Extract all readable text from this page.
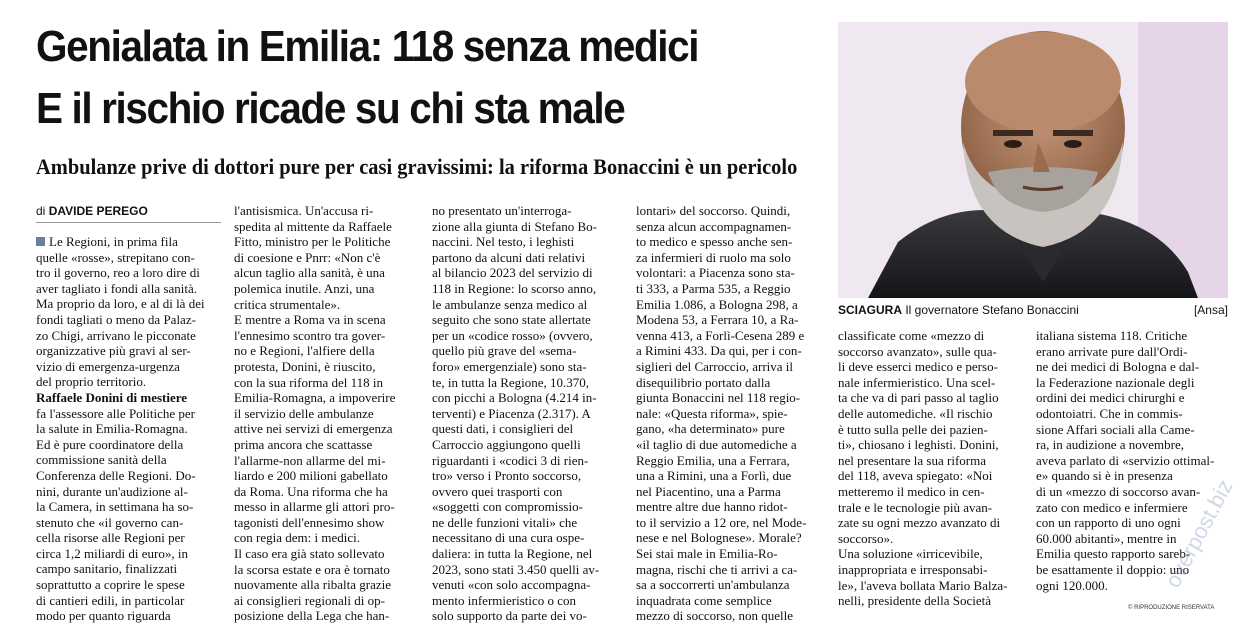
Genialata in Emilia: 118 senza medici
E il rischio ricade su chi sta male
Ambulanze prive di dottori pure per casi gravissimi: la riforma Bonaccini è un pericolo
SCIAGURA Il governatore Stefano Bonaccini	[Ansa]
di DAVIDE PEREGO

Le Regioni, in prima fila

quelle «rosse», strepitano con-

tro il governo, reo a loro dire di

aver tagliato i fondi alla sanità.

Ma proprio da loro, e al di là dei

fondi tagliati o meno da Palaz-

zo Chigi, arrivano le picconate

organizzative più gravi al ser-

vizio di emergenza-urgenza

del proprio territorio.

Raffaele Donini di mestiere

fa l'assessore alle Politiche per

la salute in Emilia-Romagna.

Ed è pure coordinatore della

commissione sanità della

Conferenza delle Regioni. Do-

nini, durante un'audizione al-

la Camera, in settimana ha so-

stenuto che «il governo can-

cella risorse alle Regioni per

circa 1,2 miliardi di euro», in

campo sanitario, finalizzati

soprattutto a coprire le spese

di cantieri edili, in particolar

modo per quanto riguarda

l'antisismica. Un'accusa ri-

spedita al mittente da Raffaele

Fitto, ministro per le Politiche

di coesione e Pnrr: «Non c'è

alcun taglio alla sanità, è una

polemica inutile. Anzi, una

critica strumentale».

E mentre a Roma va in scena

l'ennesimo scontro tra gover-

no e Regioni, l'alfiere della

protesta, Donini, è riuscito,

con la sua riforma del 118 in

Emilia-Romagna, a impoverire

il servizio delle ambulanze

attive nei servizi di emergenza

prima ancora che scattasse

l'allarme-non allarme del mi-

liardo e 200 milioni gabellato

da Roma. Una riforma che ha

messo in allarme gli attori pro-

tagonisti dell'ennesimo show

con regia dem: i medici.

Il caso era già stato sollevato

la scorsa estate e ora è tornato

nuovamente alla ribalta grazie

ai consiglieri regionali di op-

posizione della Lega che han-

no presentato un'interroga-

zione alla giunta di Stefano Bo-

naccini. Nel testo, i leghisti

partono da alcuni dati relativi

al bilancio 2023 del servizio di

118 in Regione: lo scorso anno,

le ambulanze senza medico al

seguito che sono state allertate

per un «codice rosso» (ovvero,

quello più grave del «sema-

foro» emergenziale) sono sta-

te, in tutta la Regione, 10.370,

con picchi a Bologna (4.214 in-

terventi) e Piacenza (2.317). A

questi dati, i consiglieri del

Carroccio aggiungono quelli

riguardanti i «codici 3 di rien-

tro» verso i Pronto soccorso,

ovvero quei trasporti con

«soggetti con compromissio-

ne delle funzioni vitali» che

necessitano di una cura ospe-

daliera: in tutta la Regione, nel

2023, sono stati 3.450 quelli av-

venuti «con solo accompagna-

mento infermieristico o con

solo supporto da parte dei vo-

lontari» del soccorso. Quindi,

senza alcun accompagnamen-

to medico e spesso anche sen-

za infermieri di ruolo ma solo

volontari: a Piacenza sono sta-

ti 333, a Parma 535, a Reggio

Emilia 1.086, a Bologna 298, a

Modena 53, a Ferrara 10, a Ra-

venna 413, a Forlì-Cesena 289 e

a Rimini 433. Da qui, per i con-

siglieri del Carroccio, arriva il

disequilibrio portato dalla

giunta Bonaccini nel 118 regio-

nale: «Questa riforma», spie-

gano, «ha determinato» pure

«il taglio di due automediche a

Reggio Emilia, una a Ferrara,

una a Rimini, una a Forlì, due

nel Piacentino, una a Parma

mentre altre due hanno ridot-

to il servizio a 12 ore, nel Mode-

nese e nel Bolognese». Morale?

Sei stai male in Emilia-Ro-

magna, rischi che ti arrivi a ca-

sa a soccorrerti un'ambulanza

inquadrata come semplice

mezzo di soccorso, non quelle

classificate come «mezzo di

soccorso avanzato», sulle qua-

li deve esserci medico e perso-

nale infermieristico. Una scel-

ta che va di pari passo al taglio

delle automediche. «Il rischio

è tutto sulla pelle dei pazien-

ti», chiosano i leghisti. Donini,

nel presentare la sua riforma

del 118, aveva spiegato: «Noi

metteremo il medico in cen-

trale e le tecnologie più avan-

zate su ogni mezzo avanzato di

soccorso».

Una soluzione «irricevibile,

inappropriata e irresponsabi-

le», l'aveva bollata Mario Balza-

nelli, presidente della Società

italiana sistema 118. Critiche

erano arrivate pure dall'Ordi-

ne dei medici di Bologna e dal-

la Federazione nazionale degli

ordini dei medici chirurghi e

odontoiatri. Che in commis-

sione Affari sociali alla Came-

ra, in audizione a novembre,

aveva parlato di «servizio ottimal-

e» quando si è in presenza

di un «mezzo di soccorso avan-

zato con medico e infermiere

con un rapporto di uno ogni

60.000 abitanti», mentre in

Emilia questo rapporto sareb-

be esattamente il doppio: uno

ogni 120.000.

© RIPRODUZIONE RISERVATA
overpost.biz
